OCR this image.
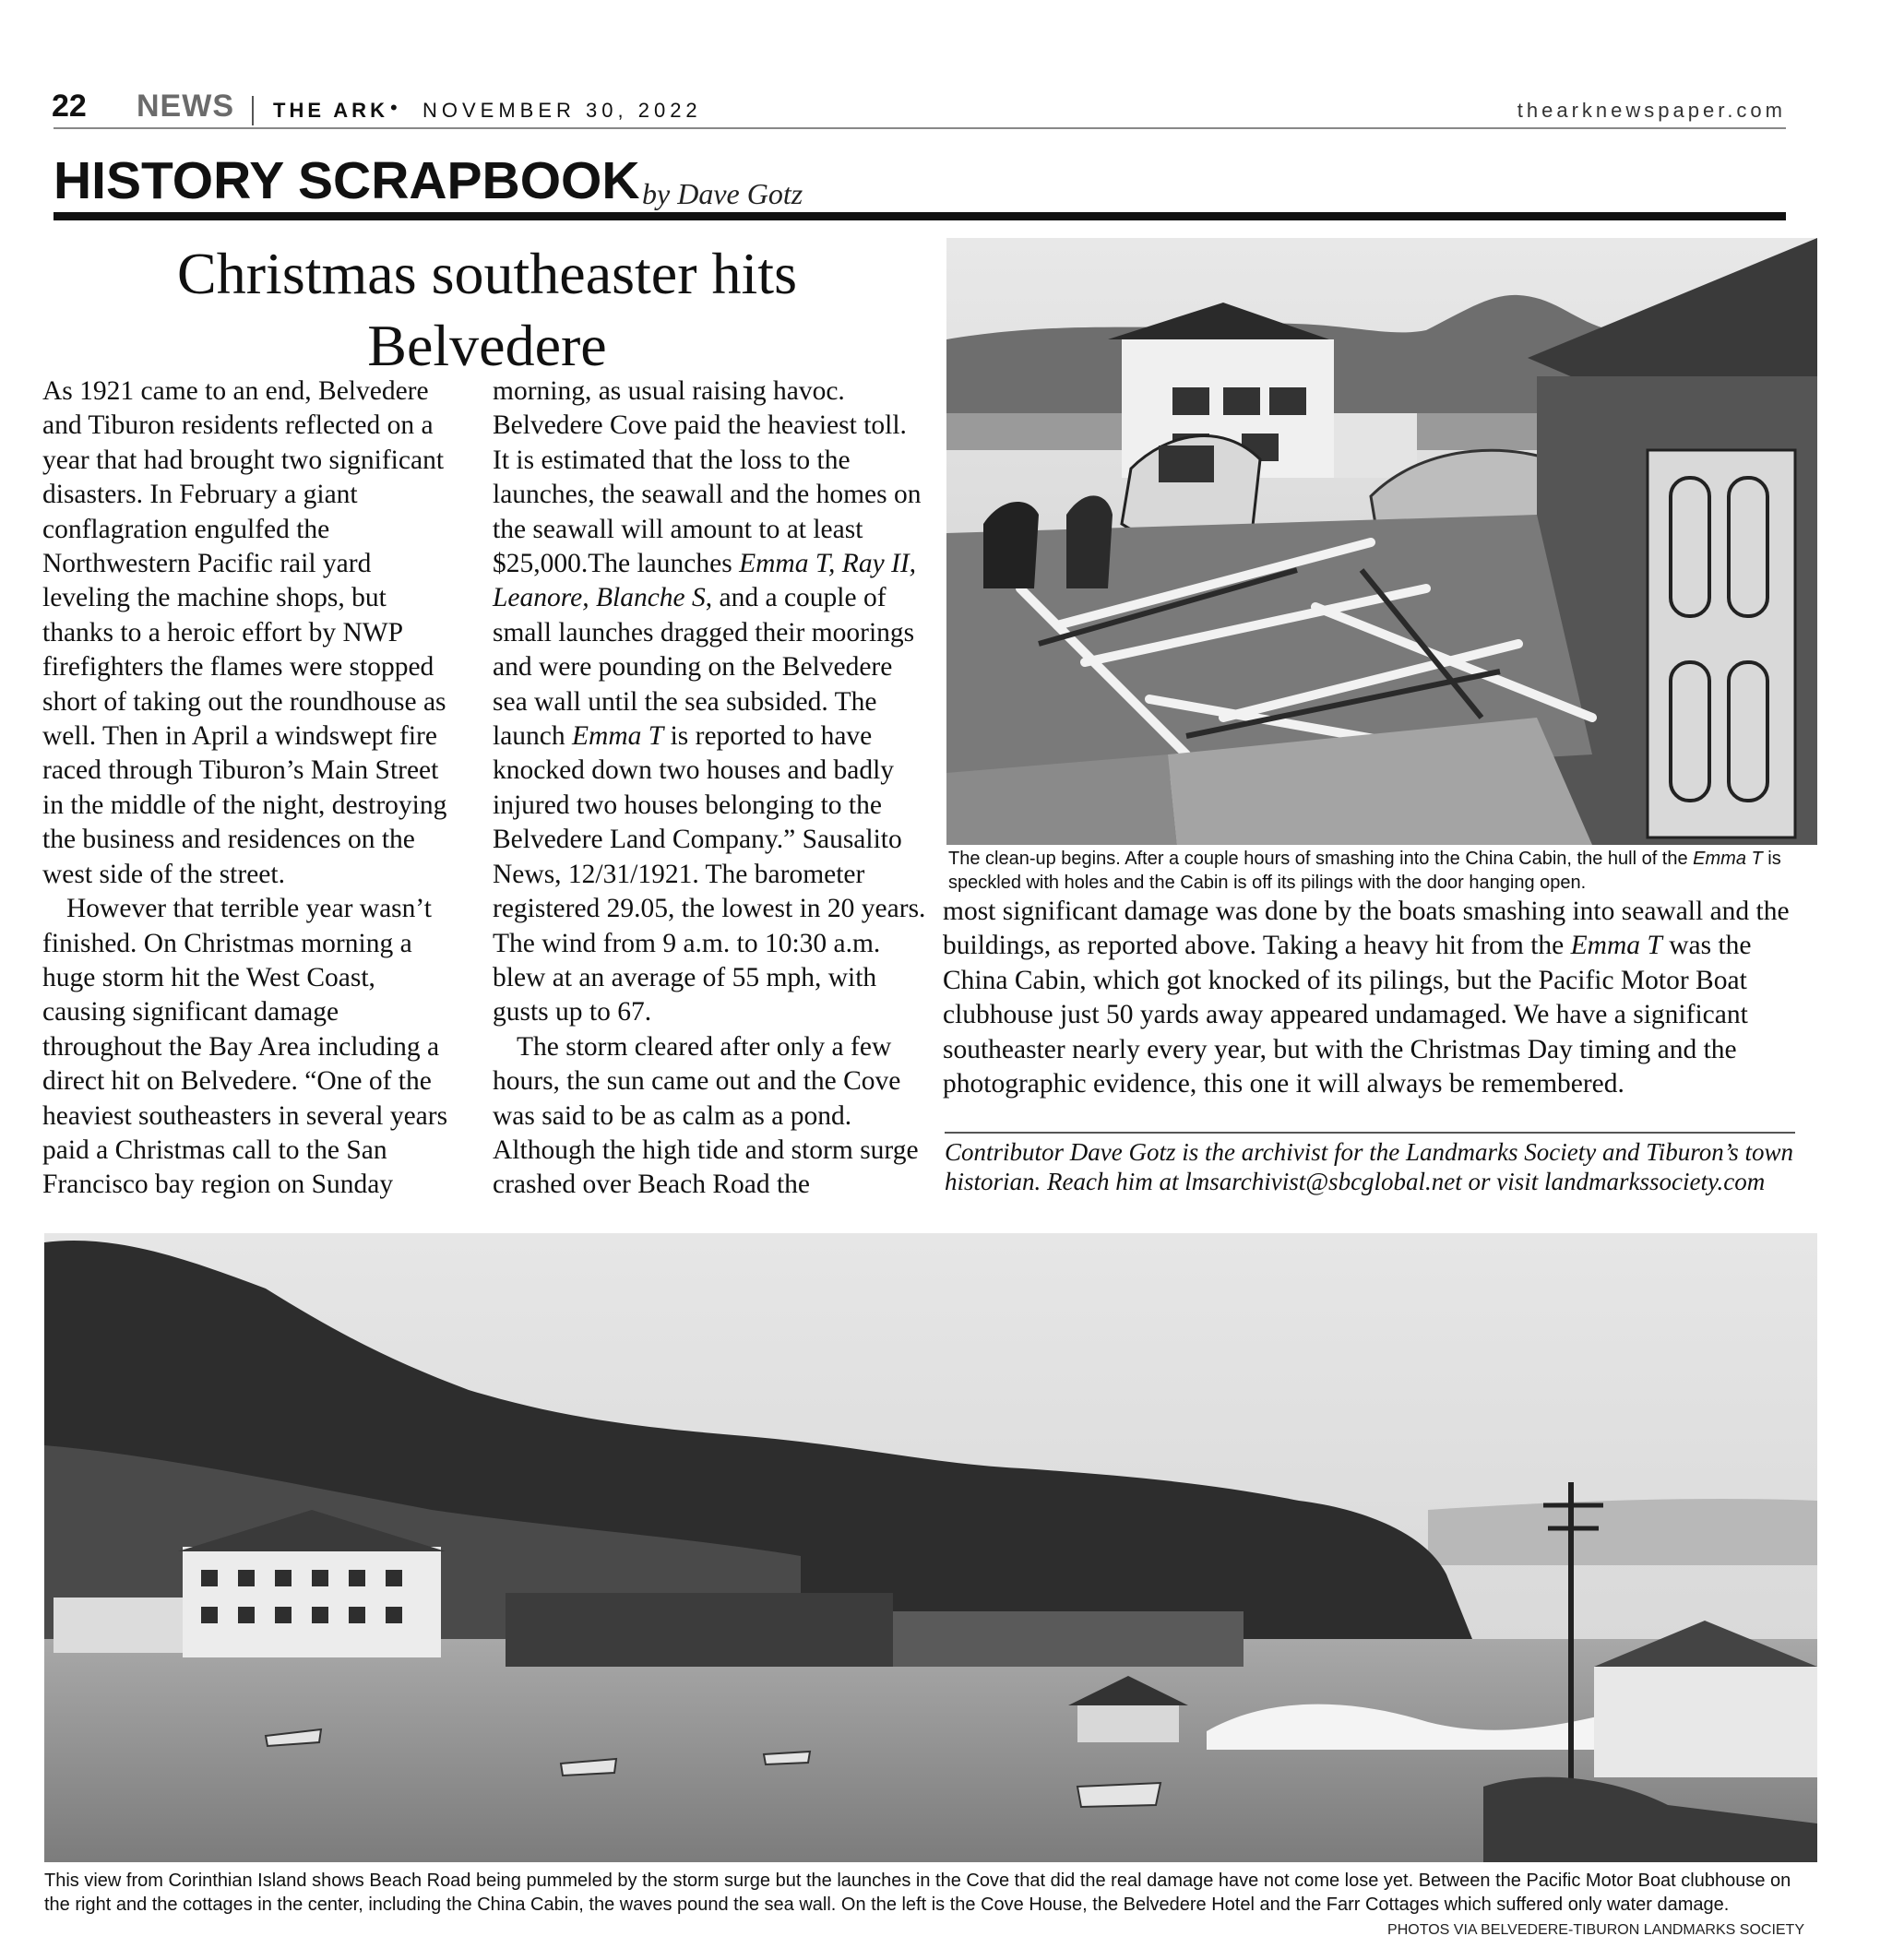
22 NEWS THE ARK • NOVEMBER 30, 2022	thearknewspaper.com
HISTORY SCRAPBOOK by Dave Gotz
Christmas southeaster hits Belvedere

As 1921 came to an end, Belvedere and Tiburon residents reflected on a year that had brought two significant disasters. In February a giant conflagration engulfed the Northwestern Pacific rail yard leveling the machine shops, but thanks to a heroic effort by NWP firefighters the flames were stopped short of taking out the roundhouse as well. Then in April a windswept fire raced through Tiburon’s Main Street in the middle of the night, destroying the business and residences on the west side of the street.

However that terrible year wasn’t finished. On Christmas morning a huge storm hit the West Coast, causing significant damage throughout the Bay Area including a direct hit on Belvedere. “One of the heaviest southeasters in several years paid a Christmas call to the San Francisco bay region on Sunday

morning, as usual raising havoc. Belvedere Cove paid the heaviest toll. It is estimated that the loss to the launches, the seawall and the homes on the seawall will amount to at least $25,000.The launches Emma T, Ray II, Leanore, Blanche S, and a couple of small launches dragged their moorings and were pounding on the Belvedere sea wall until the sea subsided. The launch Emma T is reported to have knocked down two houses and badly injured two houses belonging to the Belvedere Land Company.” Sausalito News, 12/31/1921. The barometer registered 29.05, the lowest in 20 years. The wind from 9 a.m. to 10:30 a.m. blew at an average of 55 mph, with gusts up to 67.

The storm cleared after only a few hours, the sun came out and the Cove was said to be as calm as a pond. Although the high tide and storm surge crashed over Beach Road the

The clean-up begins. After a couple hours of smashing into the China Cabin, the hull of the Emma T is speckled with holes and the Cabin is off its pilings with the door hanging open.

most significant damage was done by the boats smashing into seawall and the buildings, as reported above. Taking a heavy hit from the Emma T was the China Cabin, which got knocked of its pilings, but the Pacific Motor Boat clubhouse just 50 yards away appeared undamaged. We have a significant southeaster nearly every year, but with the Christmas Day timing and the photographic evidence, this one it will always be remembered.

Contributor Dave Gotz is the archivist for the Landmarks Society and Tiburon’s town historian. Reach him at lmsarchivist@sbcglobal.net or visit landmarkssociety.com
This view from Corinthian Island shows Beach Road being pummeled by the storm surge but the launches in the Cove that did the real damage have not come lose yet. Between the Pacific Motor Boat clubhouse on the right and the cottages in the center, including the China Cabin, the waves pound the sea wall. On the left is the Cove House, the Belvedere Hotel and the Farr Cottages which suffered only water damage.
PHOTOS VIA BELVEDERE-TIBURON LANDMARKS SOCIETY
